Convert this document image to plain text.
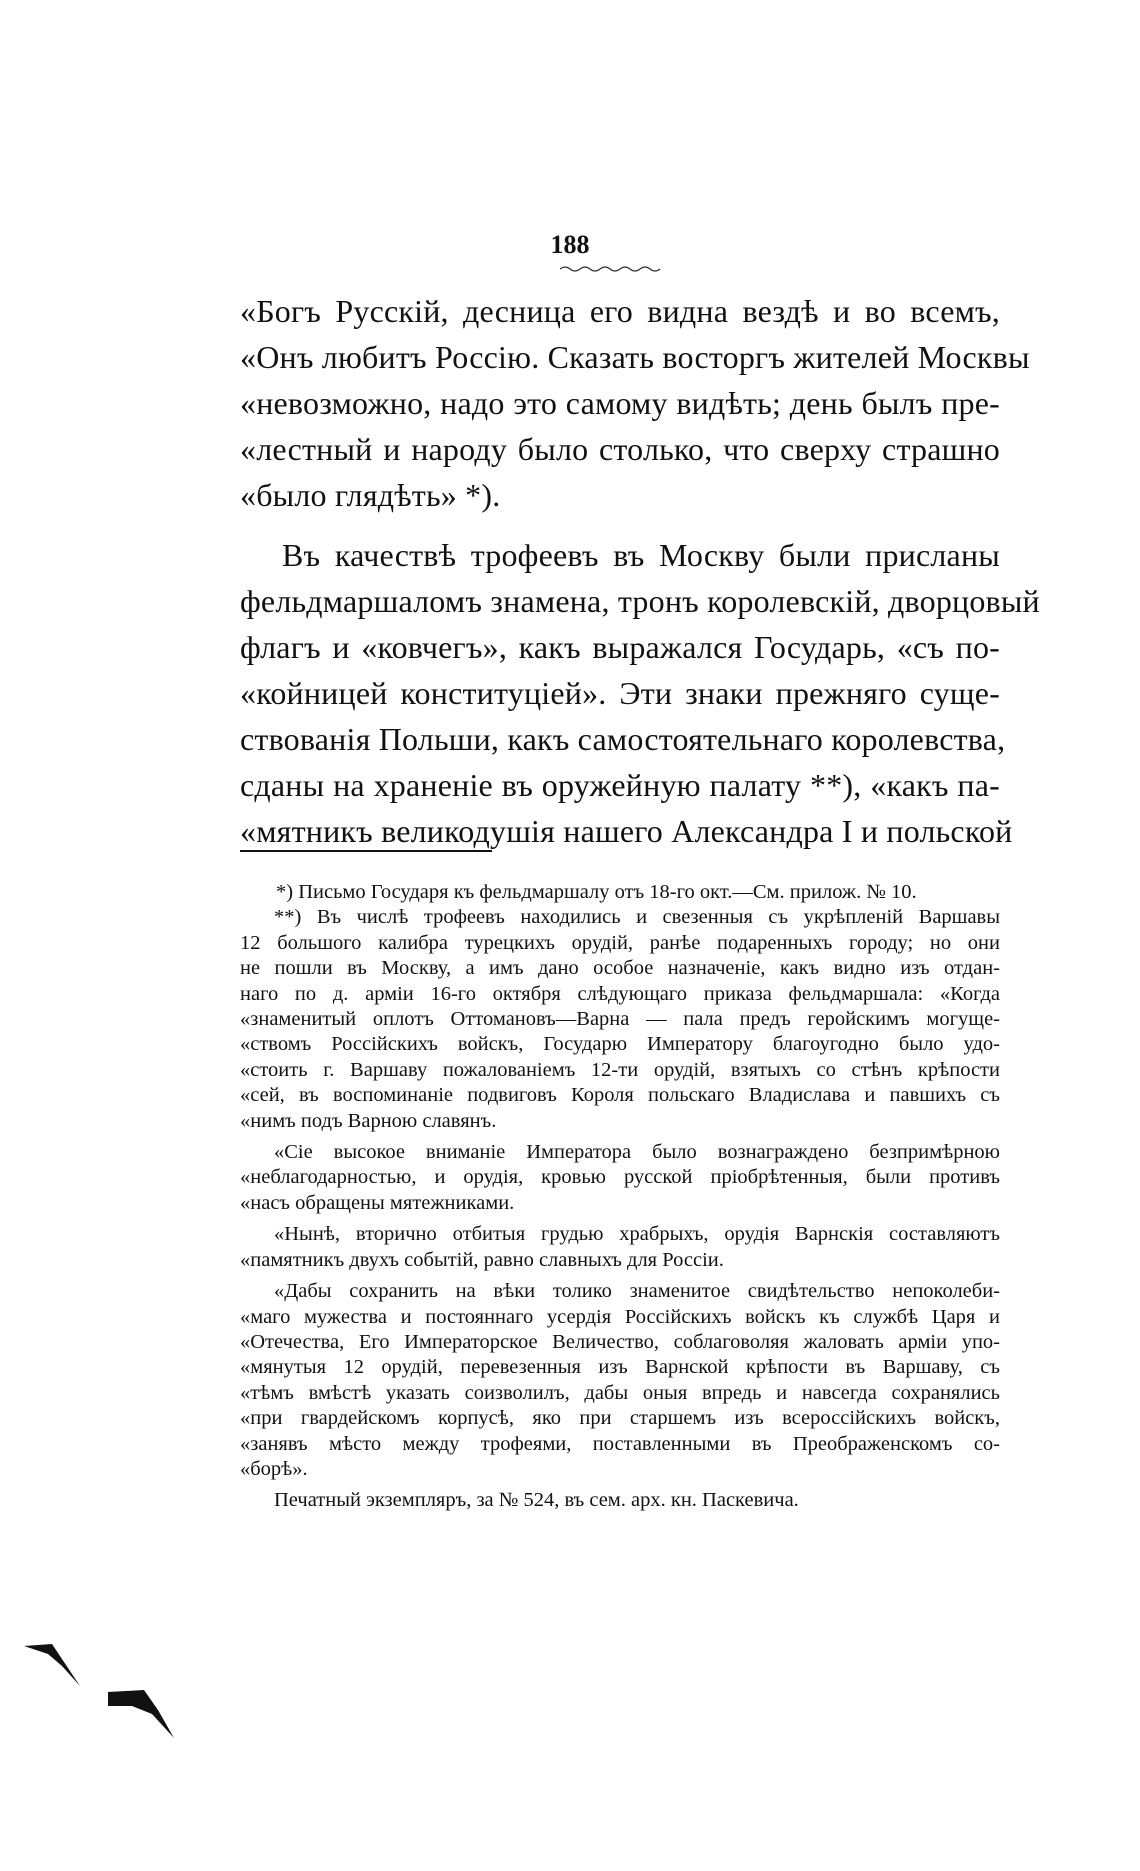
188
«Богъ Русскій, десница его видна вездѣ и во всемъ,
«Онъ любитъ Россію. Сказать восторгъ жителей Москвы
«невозможно, надо это самому видѣть; день былъ пре-
«лестный и народу было столько, что сверху страшно
«было глядѣть» *).
Въ качествѣ трофеевъ въ Москву были присланы
фельдмаршаломъ знамена, тронъ королевскій, дворцовый
флагъ и «ковчегъ», какъ выражался Государь, «съ по-
«койницей конституціей». Эти знаки прежняго суще-
ствованія Польши, какъ самостоятельнаго королевства,
сданы на храненіе въ оружейную палату **), «какъ па-
«мятникъ великодушія нашего Александра I и польской
*) Письмо Государя къ фельдмаршалу отъ 18-го окт.—См. прилож. № 10.
**) Въ числѣ трофеевъ находились и свезенныя съ укрѣпленій Варшавы
12 большого калибра турецкихъ орудій, ранѣе подаренныхъ городу; но они
не пошли въ Москву, а имъ дано особое назначеніе, какъ видно изъ отдан-
наго по д. арміи 16-го октября слѣдующаго приказа фельдмаршала: «Когда
«знаменитый оплотъ Оттомановъ—Варна — пала предъ геройскимъ могуще-
«ствомъ Россійскихъ войскъ, Государю Императору благоугодно было удо-
«стоить г. Варшаву пожалованіемъ 12-ти орудій, взятыхъ со стѣнъ крѣпости
«сей, въ воспоминаніе подвиговъ Короля польскаго Владислава и павшихъ съ
«нимъ подъ Варною славянъ.
«Сіе высокое вниманіе Императора было вознаграждено безпримѣрною
«неблагодарностью, и орудія, кровью русской пріобрѣтенныя, были противъ
«насъ обращены мятежниками.
«Нынѣ, вторично отбитыя грудью храбрыхъ, орудія Варнскія составляютъ
«памятникъ двухъ событій, равно славныхъ для Россіи.
«Дабы сохранить на вѣки толико знаменитое свидѣтельство непоколеби-
«маго мужества и постояннаго усердія Россійскихъ войскъ къ службѣ Царя и
«Отечества, Его Императорское Величество, соблаговоляя жаловать арміи упо-
«мянутыя 12 орудій, перевезенныя изъ Варнской крѣпости въ Варшаву, съ
«тѣмъ вмѣстѣ указать соизволилъ, дабы оныя впредь и навсегда сохранялись
«при гвардейскомъ корпусѣ, яко при старшемъ изъ всероссійскихъ войскъ,
«занявъ мѣсто между трофеями, поставленными въ Преображенскомъ со-
«борѣ».
Печатный экземпляръ, за № 524, въ сем. арх. кн. Паскевича.
